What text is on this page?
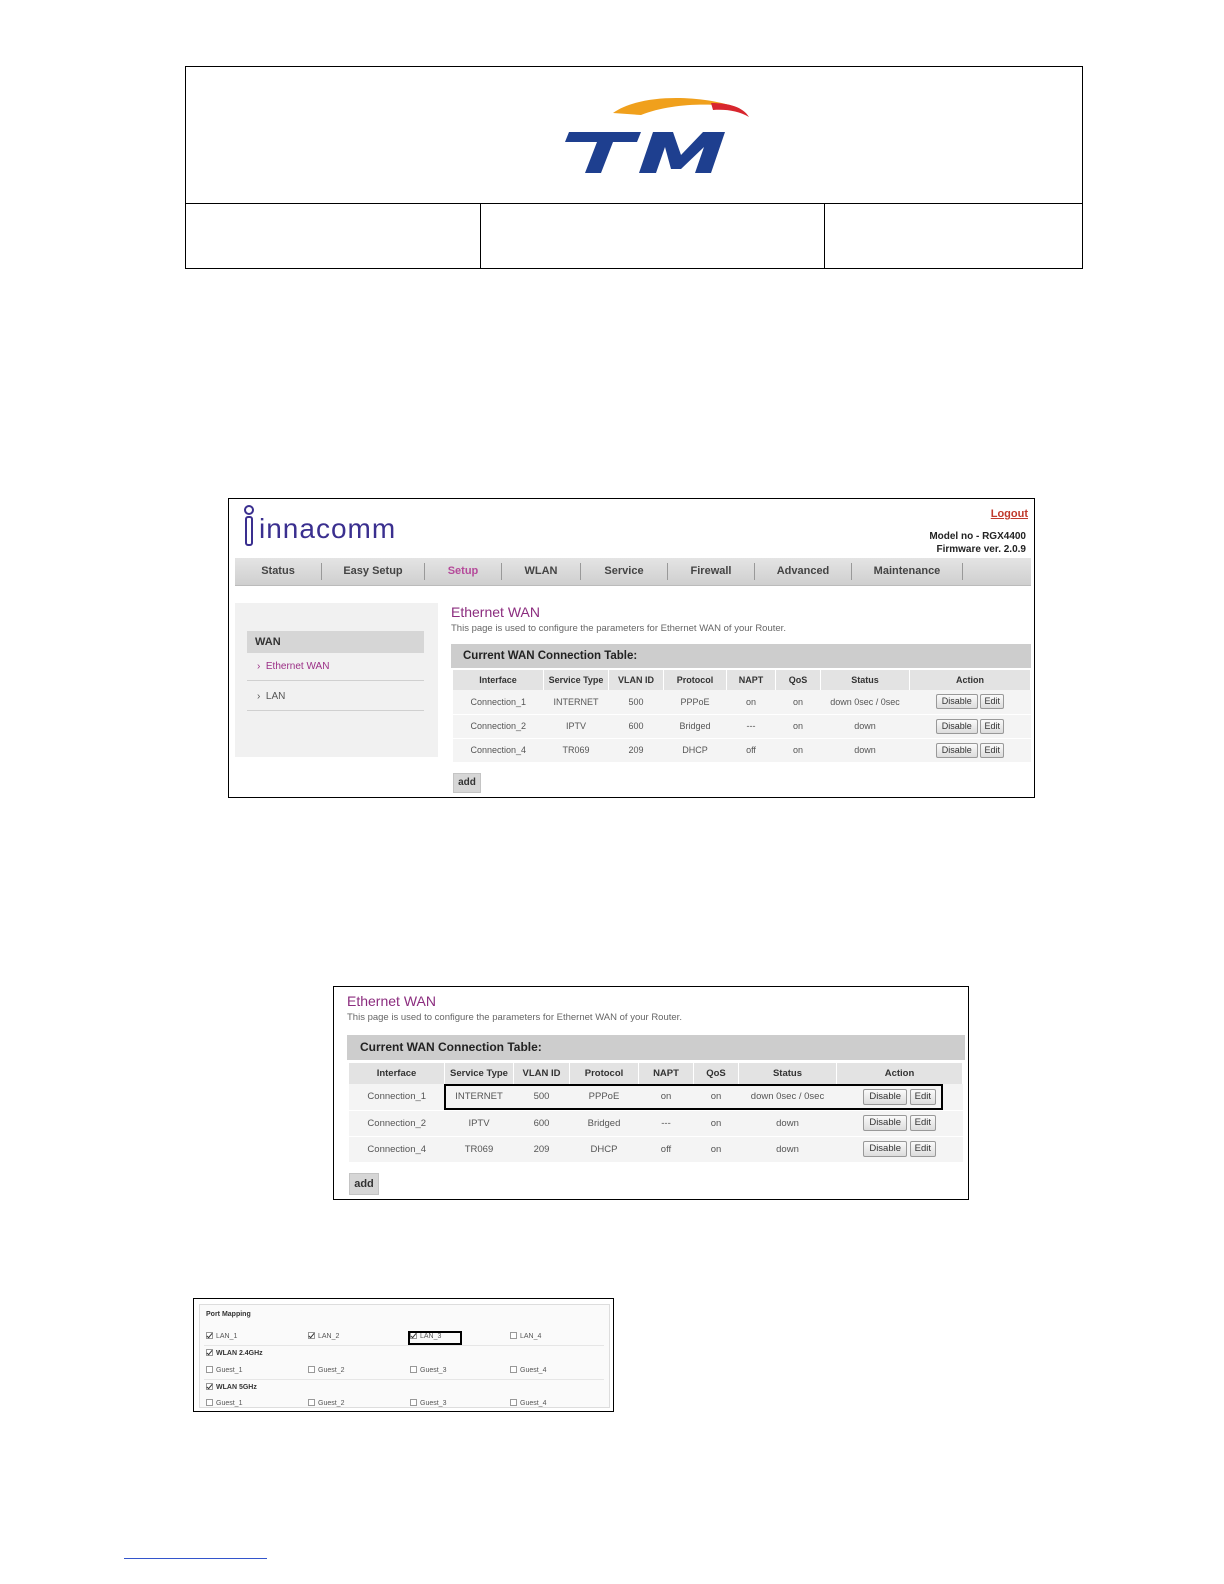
innacomm	Logout
Model no - RGX4400
Firmware ver. 2.0.9
Status	Easy Setup	Setup	WLAN	Service	Firewall	Advanced	Maintenance
WAN
›  Ethernet WAN
›  LAN
Ethernet WAN
This page is used to configure the parameters for Ethernet WAN of your Router.
Current WAN Connection Table:
Interface	Service Type	VLAN ID	Protocol	NAPT	QoS	Status	Action
Connection_1	INTERNET	500	PPPoE	on	on	down 0sec / 0sec	Disable Edit
Connection_2	IPTV	600	Bridged	---	on	down	Disable Edit
Connection_4	TR069	209	DHCP	off	on	down	Disable Edit
add
Ethernet WAN
This page is used to configure the parameters for Ethernet WAN of your Router.
Current WAN Connection Table:
Interface	Service Type	VLAN ID	Protocol	NAPT	QoS	Status	Action
Connection_1	INTERNET	500	PPPoE	on	on	down 0sec / 0sec	Disable Edit
Connection_2	IPTV	600	Bridged	---	on	down	Disable Edit
Connection_4	TR069	209	DHCP	off	on	down	Disable Edit
add
Port Mapping
LAN_1	LAN_2	LAN_3	LAN_4
WLAN 2.4GHz
Guest_1	Guest_2	Guest_3	Guest_4
WLAN 5GHz
Guest_1	Guest_2	Guest_3	Guest_4
